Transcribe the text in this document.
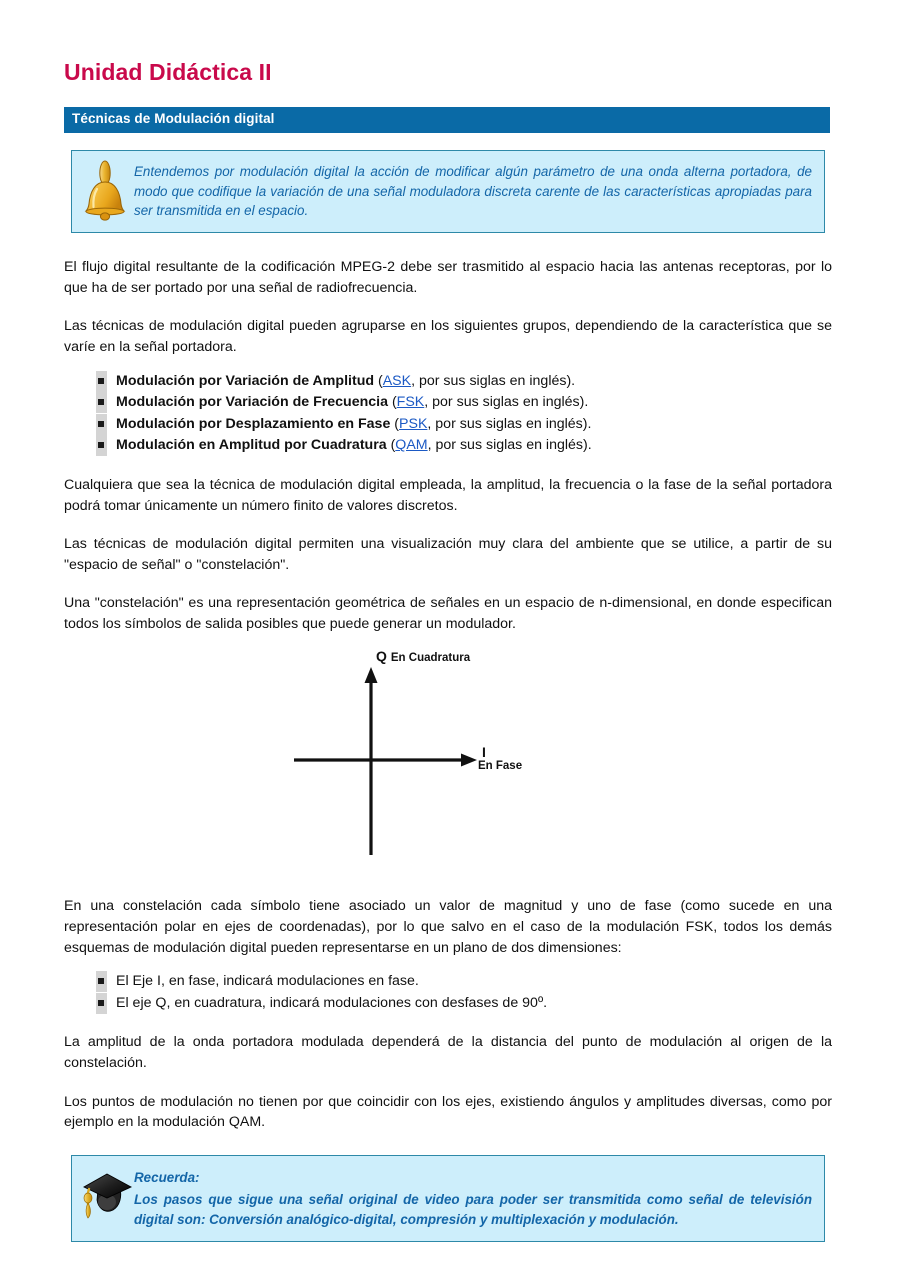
Unidad Didáctica II
Técnicas de Modulación digital
Entendemos por modulación digital la acción de modificar algún parámetro de una onda alterna portadora, de modo que codifique la variación de una señal moduladora discreta carente de las características apropiadas para ser transmitida en el espacio.

El flujo digital resultante de la codificación MPEG-2 debe ser trasmitido al espacio hacia las antenas receptoras, por lo que ha de ser portado por una señal de radiofrecuencia.

Las técnicas de modulación digital pueden agruparse en los siguientes grupos, dependiendo de la característica que se varíe en la señal portadora.

Modulación por Variación de Amplitud (ASK, por sus siglas en inglés).
Modulación por Variación de Frecuencia (FSK, por sus siglas en inglés).
Modulación por Desplazamiento en Fase (PSK, por sus siglas en inglés).
Modulación en Amplitud por Cuadratura (QAM, por sus siglas en inglés).

Cualquiera que sea la técnica de modulación digital empleada, la amplitud, la frecuencia o la fase de la señal portadora podrá tomar únicamente un número finito de valores discretos.

Las técnicas de modulación digital permiten una visualización muy clara del ambiente que se utilice, a partir de su "espacio de señal" o "constelación".

Una "constelación" es una representación geométrica de señales en un espacio de n-dimensional, en donde especifican todos los símbolos de salida posibles que puede generar un modulador.

Q En Cuadratura
I
En Fase

En una constelación cada símbolo tiene asociado un valor de magnitud y uno de fase (como sucede en una representación polar en ejes de coordenadas), por lo que salvo en el caso de la modulación FSK, todos los demás esquemas de modulación digital pueden representarse en un plano de dos dimensiones:

El Eje I, en fase, indicará modulaciones en fase.
El eje Q, en cuadratura, indicará modulaciones con desfases de 90º.

La amplitud de la onda portadora modulada dependerá de la distancia del punto de modulación al origen de la constelación.

Los puntos de modulación no tienen por que coincidir con los ejes, existiendo ángulos y amplitudes diversas, como por ejemplo en la modulación QAM.

Recuerda:
Los pasos que sigue una señal original de video para poder ser transmitida como señal de televisión digital son: Conversión analógico-digital, compresión y multiplexación y modulación.
